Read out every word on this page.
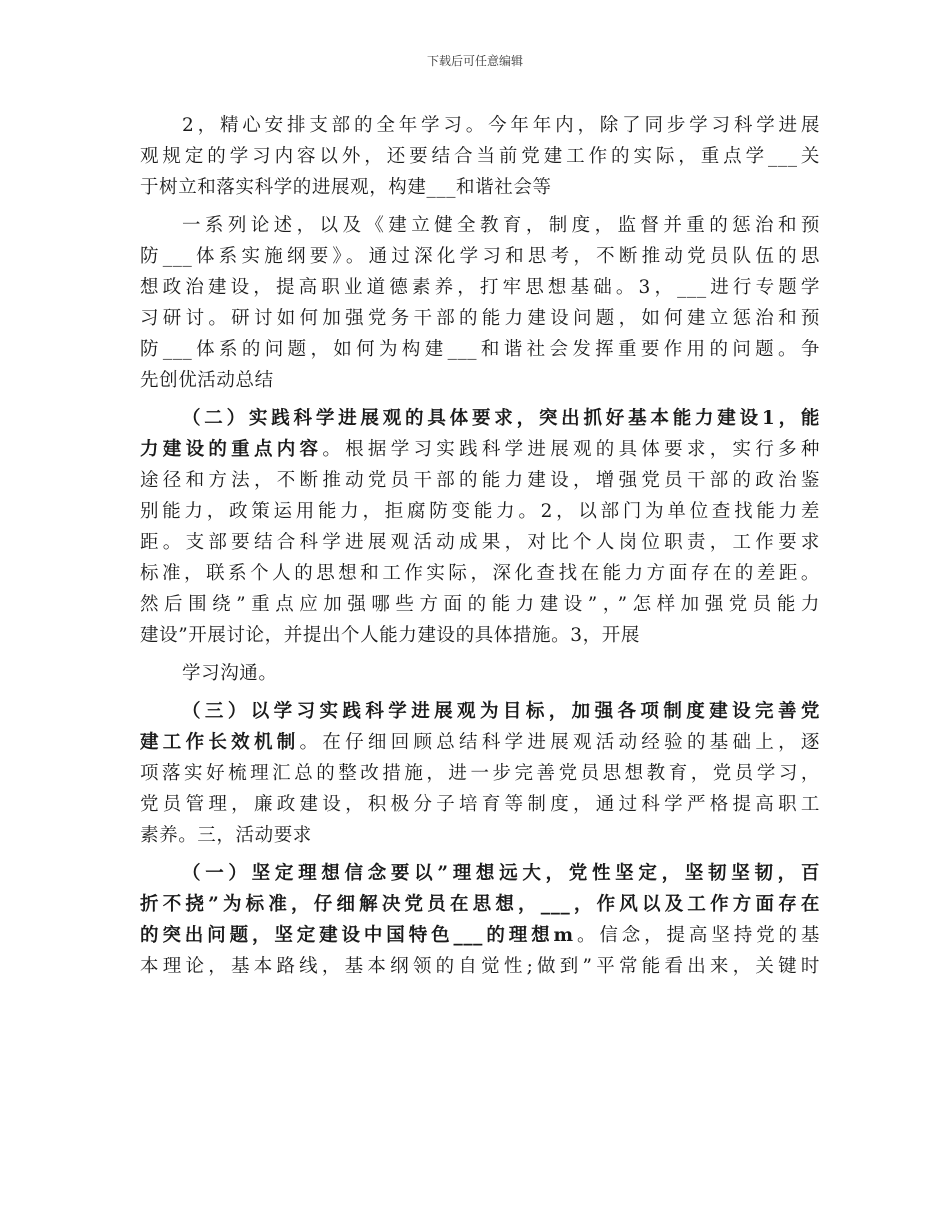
下载后可任意编辑
2，精心安排支部的全年学习。今年年内，除了同步学习科学进展
观规定的学习内容以外，还要结合当前党建工作的实际，重点学___关
于树立和落实科学的进展观，构建___和谐社会等
一系列论述，以及《建立健全教育，制度，监督并重的惩治和预
防___体系实施纲要》。通过深化学习和思考，不断推动党员队伍的思
想政治建设，提高职业道德素养，打牢思想基础。3，___进行专题学
习研讨。研讨如何加强党务干部的能力建设问题，如何建立惩治和预
防___体系的问题，如何为构建___和谐社会发挥重要作用的问题。争
先创优活动总结
（二）实践科学进展观的具体要求，突出抓好基本能力建设1，能
力建设的重点内容。根据学习实践科学进展观的具体要求，实行多种
途径和方法，不断推动党员干部的能力建设，增强党员干部的政治鉴
别能力，政策运用能力，拒腐防变能力。2，以部门为单位查找能力差
距。支部要结合科学进展观活动成果，对比个人岗位职责，工作要求
标准，联系个人的思想和工作实际，深化查找在能力方面存在的差距。
然后围绕”重点应加强哪些方面的能力建设”，”怎样加强党员能力
建设”开展讨论，并提出个人能力建设的具体措施。3，开展
学习沟通。
（三）以学习实践科学进展观为目标，加强各项制度建设完善党
建工作长效机制。在仔细回顾总结科学进展观活动经验的基础上，逐
项落实好梳理汇总的整改措施，进一步完善党员思想教育，党员学习，
党员管理，廉政建设，积极分子培育等制度，通过科学严格提高职工
素养。三，活动要求
（一）坚定理想信念要以”理想远大，党性坚定，坚韧坚韧，百
折不挠”为标准，仔细解决党员在思想，___，作风以及工作方面存在
的突出问题，坚定建设中国特色___的理想m。信念，提高坚持党的基
本理论，基本路线，基本纲领的自觉性;做到”平常能看出来，关键时
